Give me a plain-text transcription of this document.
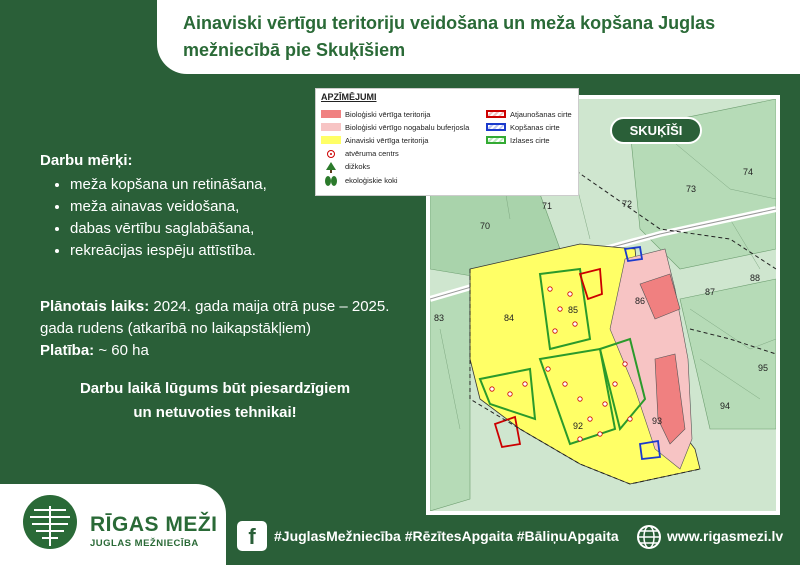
Ainaviski vērtīgu teritoriju veidošana un meža kopšana Juglas mežniecībā pie Skuķīšiem
Darbu mērķi:
• meža kopšana un retināšana,
• meža ainavas veidošana,
• dabas vērtību saglabāšana,
• rekreācijas iespēju attīstība.
Plānotais laiks: 2024. gada maija otrā puse – 2025. gada rudens (atkarībā no laikapstākļiem)
Platība: ~ 60 ha
Darbu laikā lūgums būt piesardzīgiem un netuvoties tehnikai!
70
71	72
73
74
83	84
85
86
87
88
92	93
94
95
APZĪMĒJUMI
Bioloģiski vērtīga teritorija
Bioloģiski vērtīgo nogabalu buferjosla
Ainaviski vērtīga teritorija
atvēruma centrs
dižkoks
ekoloģiskie koki
Atjaunošanas cirte
Kopšanas cirte
Izlases cirte
SKUĶĪŠI
RĪGAS MEŽI
JUGLAS MEŽNIECĪBA	f	#JuglasMežniecība #RēzītesApgaita #BāliņuApgaita	www.rigasmezi.lv
